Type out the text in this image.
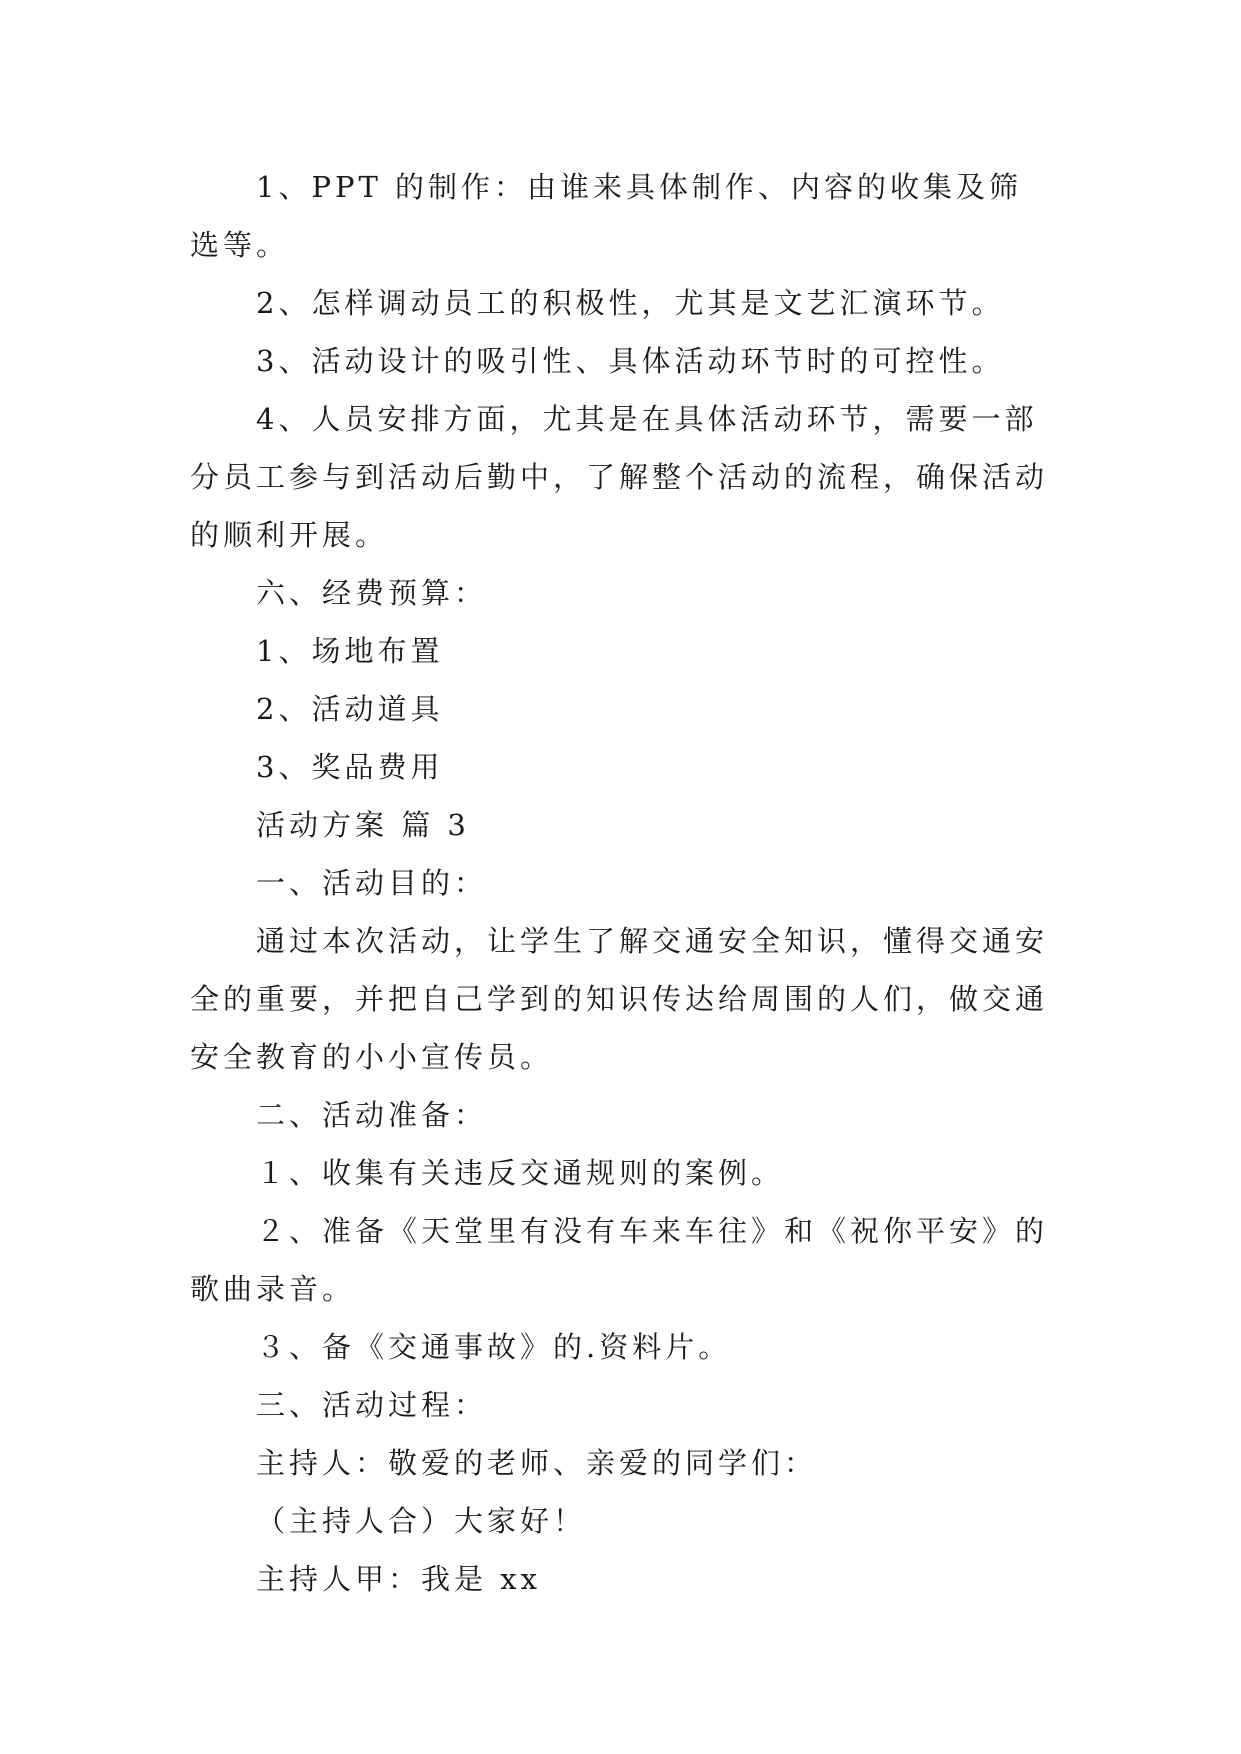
1、PPT 的制作：由谁来具体制作、内容的收集及筛选等。

2、怎样调动员工的积极性，尤其是文艺汇演环节。

3、活动设计的吸引性、具体活动环节时的可控性。

4、人员安排方面，尤其是在具体活动环节，需要一部分员工参与到活动后勤中，了解整个活动的流程，确保活动的顺利开展。

六、经费预算：

1、场地布置

2、活动道具

3、奖品费用

活动方案 篇 3

一、活动目的：

通过本次活动，让学生了解交通安全知识，懂得交通安全的重要，并把自己学到的知识传达给周围的人们，做交通安全教育的小小宣传员。

二、活动准备：

１、收集有关违反交通规则的案例。

２、准备《天堂里有没有车来车往》和《祝你平安》的歌曲录音。

３、备《交通事故》的.资料片。

三、活动过程：

主持人：敬爱的老师、亲爱的同学们：

（主持人合）大家好！

主持人甲：我是 xx
